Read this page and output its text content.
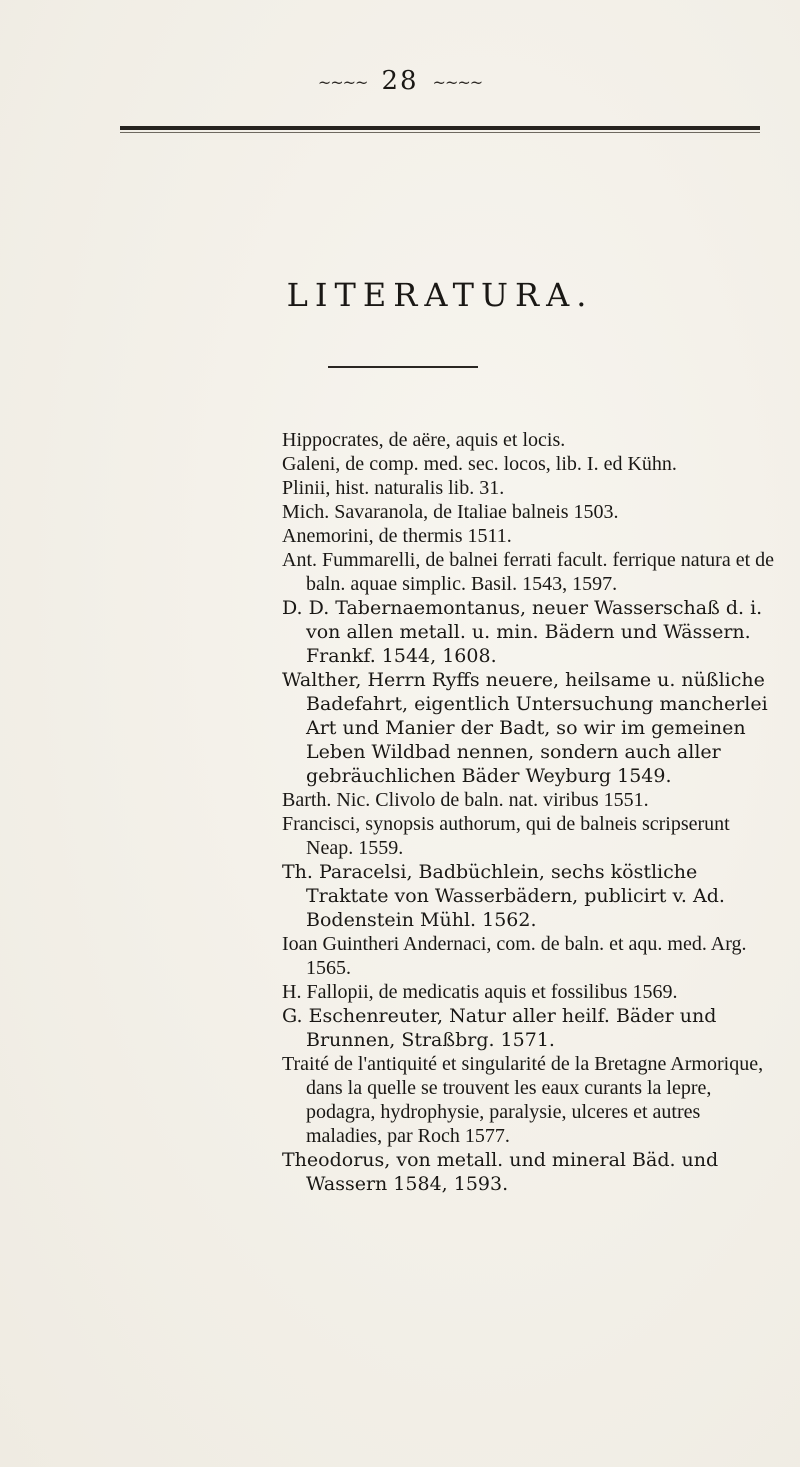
~~~~ 28 ~~~~
LITERATURA.

Hippocrates, de aëre, aquis et locis.

Galeni, de comp. med. sec. locos, lib. I. ed Kühn.

Plinii, hist. naturalis lib. 31.

Mich. Savaranola, de Italiae balneis 1503.

Anemorini, de thermis 1511.

Ant. Fummarelli, de balnei ferrati facult. ferrique natura et de baln. aquae simplic. Basil. 1543, 1597.

D. D. Tabernaemontanus, neuer Wasserschaß d. i. von allen metall. u. min. Bädern und Wässern. Frankf. 1544, 1608.

Walther, Herrn Ryffs neuere, heilsame u. nüßliche Badefahrt, eigentlich Untersuchung mancherlei Art und Manier der Badt, so wir im gemeinen Leben Wildbad nennen, sondern auch aller gebräuchlichen Bäder Weyburg 1549.

Barth. Nic. Clivolo de baln. nat. viribus 1551.

Francisci, synopsis authorum, qui de balneis scripserunt Neap. 1559.

Th. Paracelsi, Badbüchlein, sechs köstliche Traktate von Wasserbädern, publicirt v. Ad. Bodenstein Mühl. 1562.

Ioan Guintheri Andernaci, com. de baln. et aqu. med. Arg. 1565.

H. Fallopii, de medicatis aquis et fossilibus 1569.

G. Eschenreuter, Natur aller heilf. Bäder und Brunnen, Straßbrg. 1571.

Traité de l'antiquité et singularité de la Bretagne Armorique, dans la quelle se trouvent les eaux curants la lepre, podagra, hydrophysie, paralysie, ulceres et autres maladies, par Roch 1577.

Theodorus, von metall. und mineral Bäd. und Wassern 1584, 1593.
